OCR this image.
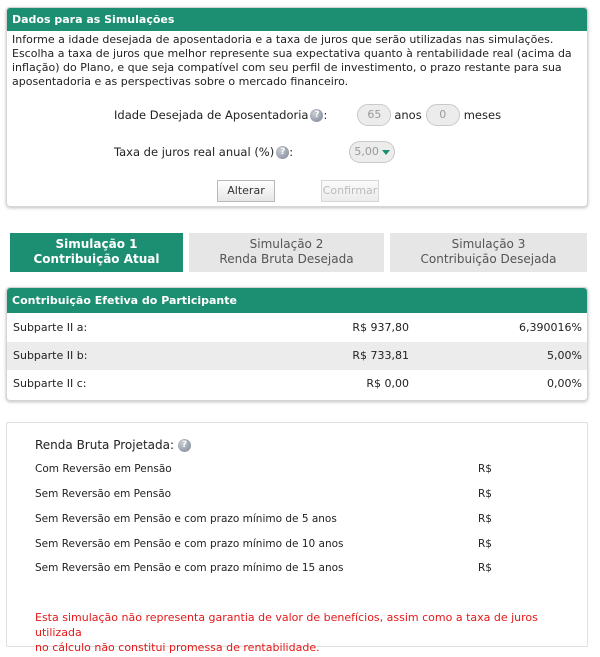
Dados para as Simulações
Informe a idade desejada de aposentadoria e a taxa de juros que serão utilizadas nas simulações. Escolha a taxa de juros que melhor represente sua expectativa quanto à rentabilidade real (acima da inflação) do Plano, e que seja compatível com seu perfil de investimento, o prazo restante para sua aposentadoria e as perspectivas sobre o mercado financeiro.
Idade Desejada de Aposentadoria ? :	65	anos	0	meses
Taxa de juros real anual (%) ? :	5,00
Alterar	Confirmar
Simulação 1
Contribuição Atual
Simulação 2
Renda Bruta Desejada
Simulação 3
Contribuição Desejada
Contribuição Efetiva do Participante
Subparte II a:	R$ 937,80	6,390016%
Subparte II b:	R$ 733,81	5,00%
Subparte II c:	R$ 0,00	0,00%
Renda Bruta Projetada: ?
Com Reversão em Pensão	R$
Sem Reversão em Pensão	R$
Sem Reversão em Pensão e com prazo mínimo de 5 anos	R$
Sem Reversão em Pensão e com prazo mínimo de 10 anos	R$
Sem Reversão em Pensão e com prazo mínimo de 15 anos	R$
Esta simulação não representa garantia de valor de benefícios, assim como a taxa de juros utilizada
no cálculo não constitui promessa de rentabilidade.
